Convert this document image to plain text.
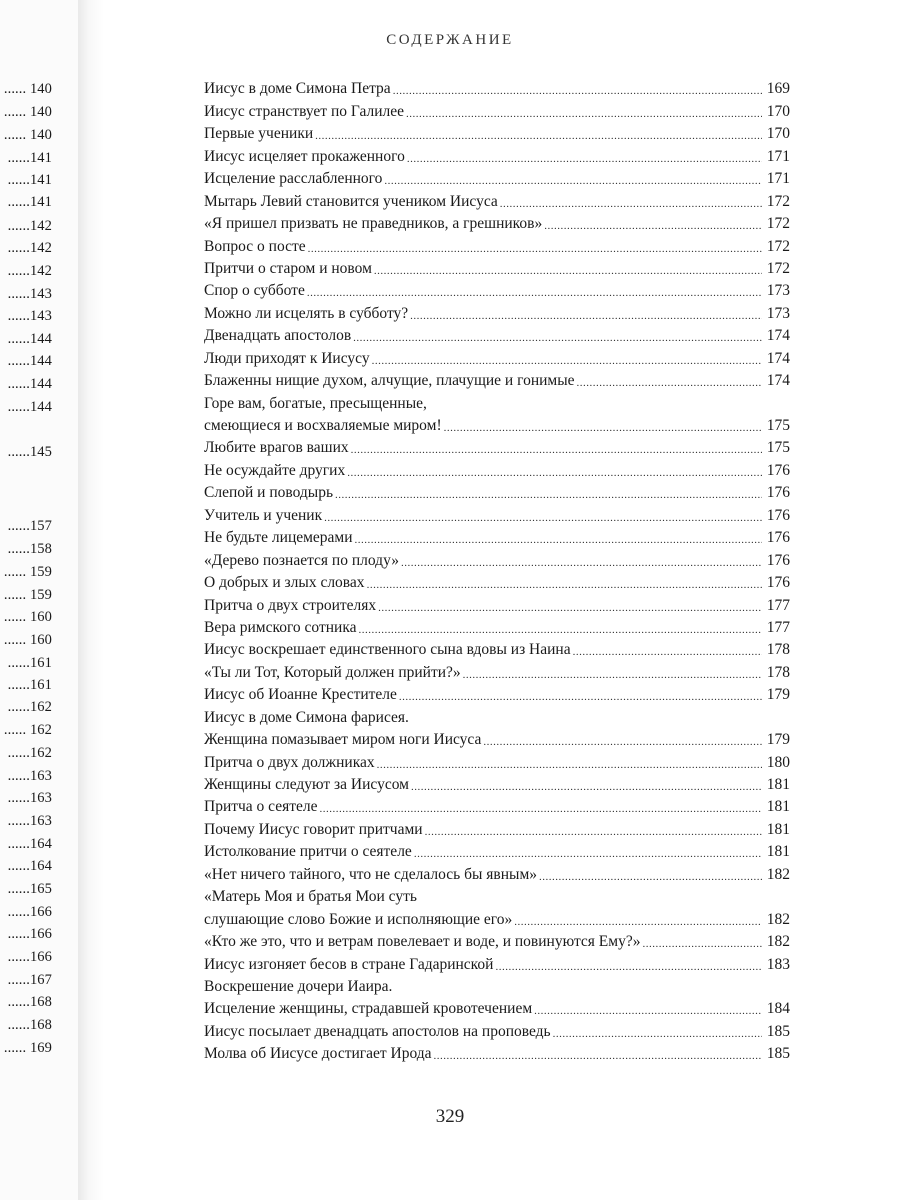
...... 140
...... 140
...... 140
......141
......141
......141
......142
......142
......142
......143
......143
......144
......144
......144
......144
......145
......157
......158
...... 159
...... 159
...... 160
...... 160
......161
......161
......162
...... 162
......162
......163
......163
......163
......164
......164
......165
......166
......166
......166
......167
......168
......168
...... 169
СОДЕРЖАНИЕ
Иисус в доме Симона Петра .....	169
Иисус странствует по Галилее .....	170
Первые ученики .....	170
Иисус исцеляет прокаженного .....	171
Исцеление расслабленного .....	171
Мытарь Левий становится учеником Иисуса .....	172
«Я пришел призвать не праведников, а грешников» .....	172
Вопрос о посте .....	172
Притчи о старом и новом .....	172
Спор о субботе .....	173
Можно ли исцелять в субботу? .....	173
Двенадцать апостолов .....	174
Люди приходят к Иисусу .....	174
Блаженны нищие духом, алчущие, плачущие и гонимые .....	174
Горе вам, богатые, пресыщенные,
смеющиеся и восхваляемые миром! .....	175
Любите врагов ваших .....	175
Не осуждайте других .....	176
Слепой и поводырь .....	176
Учитель и ученик .....	176
Не будьте лицемерами .....	176
«Дерево познается по плоду» .....	176
О добрых и злых словах .....	176
Притча о двух строителях .....	177
Вера римского сотника .....	177
Иисус воскрешает единственного сына вдовы из Наина .....	178
«Ты ли Тот, Который должен прийти?» .....	178
Иисус об Иоанне Крестителе .....	179
Иисус в доме Симона фарисея.
Женщина помазывает миром ноги Иисуса .....	179
Притча о двух должниках .....	180
Женщины следуют за Иисусом .....	181
Притча о сеятеле .....	181
Почему Иисус говорит притчами .....	181
Истолкование притчи о сеятеле .....	181
«Нет ничего тайного, что не сделалось бы явным» .....	182
«Матерь Моя и братья Мои суть
слушающие слово Божие и исполняющие его» .....	182
«Кто же это, что и ветрам повелевает и воде, и повинуются Ему?» .....	182
Иисус изгоняет бесов в стране Гадаринской .....	183
Воскрешение дочери Иаира.
Исцеление женщины, страдавшей кровотечением .....	184
Иисус посылает двенадцать апостолов на проповедь .....	185
Молва об Иисусе достигает Ирода .....	185
329
